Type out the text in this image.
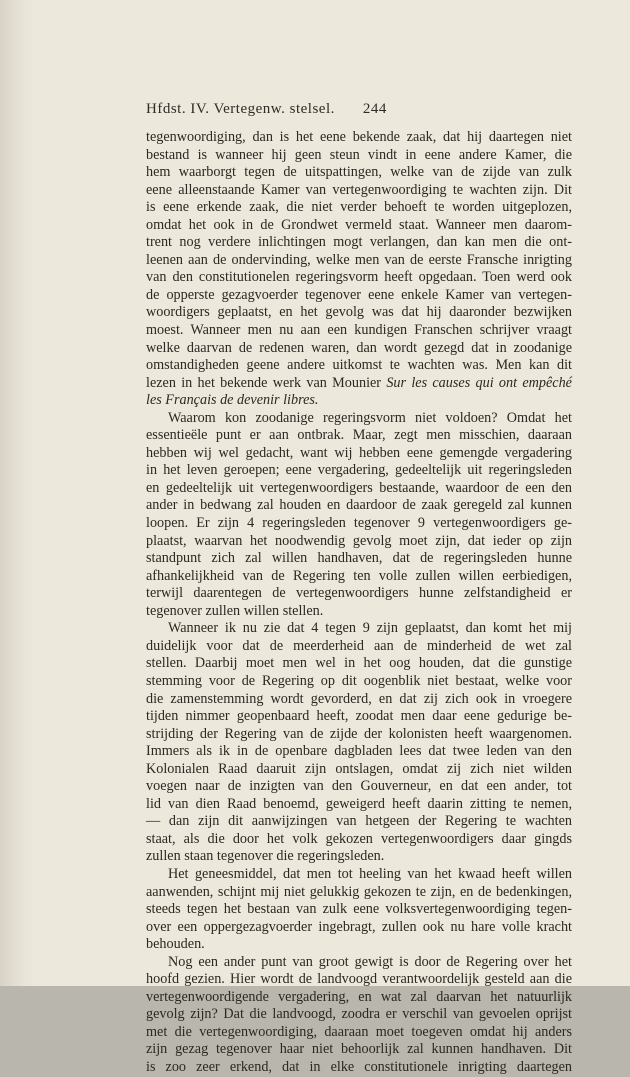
Hfdst. IV. Vertegenw. stelsel. 244
tegenwoordiging, dan is het eene bekende zaak, dat hij daartegen niet
bestand is wanneer hij geen steun vindt in eene andere Kamer, die
hem waarborgt tegen de uitspattingen, welke van de zijde van zulk
eene alleenstaande Kamer van vertegenwoordiging te wachten zijn. Dit
is eene erkende zaak, die niet verder behoeft te worden uitgeplozen,
omdat het ook in de Grondwet vermeld staat. Wanneer men daarom-
trent nog verdere inlichtingen mogt verlangen, dan kan men die ont-
leenen aan de ondervinding, welke men van de eerste Fransche inrigting
van den constitutionelen regeringsvorm heeft opgedaan. Toen werd ook
de opperste gezagvoerder tegenover eene enkele Kamer van vertegen-
woordigers geplaatst, en het gevolg was dat hij daaronder bezwijken
moest. Wanneer men nu aan een kundigen Franschen schrijver vraagt
welke daarvan de redenen waren, dan wordt gezegd dat in zoodanige
omstandigheden geene andere uitkomst te wachten was. Men kan dit
lezen in het bekende werk van Mounier Sur les causes qui ont empêché
les Français de devenir libres.
Waarom kon zoodanige regeringsvorm niet voldoen? Omdat het
essentieële punt er aan ontbrak. Maar, zegt men misschien, daaraan
hebben wij wel gedacht, want wij hebben eene gemengde vergadering
in het leven geroepen; eene vergadering, gedeeltelijk uit regeringsleden
en gedeeltelijk uit vertegenwoordigers bestaande, waardoor de een den
ander in bedwang zal houden en daardoor de zaak geregeld zal kunnen
loopen. Er zijn 4 regeringsleden tegenover 9 vertegenwoordigers ge-
plaatst, waarvan het noodwendig gevolg moet zijn, dat ieder op zijn
standpunt zich zal willen handhaven, dat de regeringsleden hunne
afhankelijkheid van de Regering ten volle zullen willen eerbiedigen,
terwijl daarentegen de vertegenwoordigers hunne zelfstandigheid er
tegenover zullen willen stellen.
Wanneer ik nu zie dat 4 tegen 9 zijn geplaatst, dan komt het mij
duidelijk voor dat de meerderheid aan de minderheid de wet zal
stellen. Daarbij moet men wel in het oog houden, dat die gunstige
stemming voor de Regering op dit oogenblik niet bestaat, welke voor
die zamenstemming wordt gevorderd, en dat zij zich ook in vroegere
tijden nimmer geopenbaard heeft, zoodat men daar eene gedurige be-
strijding der Regering van de zijde der kolonisten heeft waargenomen.
Immers als ik in de openbare dagbladen lees dat twee leden van den
Kolonialen Raad daaruit zijn ontslagen, omdat zij zich niet wilden
voegen naar de inzigten van den Gouverneur, en dat een ander, tot
lid van dien Raad benoemd, geweigerd heeft daarin zitting te nemen,
— dan zijn dit aanwijzingen van hetgeen der Regering te wachten
staat, als die door het volk gekozen vertegenwoordigers daar gingds
zullen staan tegenover die regeringsleden.
Het geneesmiddel, dat men tot heeling van het kwaad heeft willen
aanwenden, schijnt mij niet gelukkig gekozen te zijn, en de bedenkingen,
steeds tegen het bestaan van zulk eene volksvertegenwoordiging tegen-
over een oppergezagvoerder ingebragt, zullen ook nu hare volle kracht
behouden.
Nog een ander punt van groot gewigt is door de Regering over het
hoofd gezien. Hier wordt de landvoogd verantwoordelijk gesteld aan die
vertegenwoordigende vergadering, en wat zal daarvan het natuurlijk
gevolg zijn? Dat die landvoogd, zoodra er verschil van gevoelen oprijst
met die vertegenwoordiging, daaraan moet toegeven omdat hij anders
zijn gezag tegenover haar niet behoorlijk zal kunnen handhaven. Dit
is zoo zeer erkend, dat in elke constitutionele inrigting daartegen
